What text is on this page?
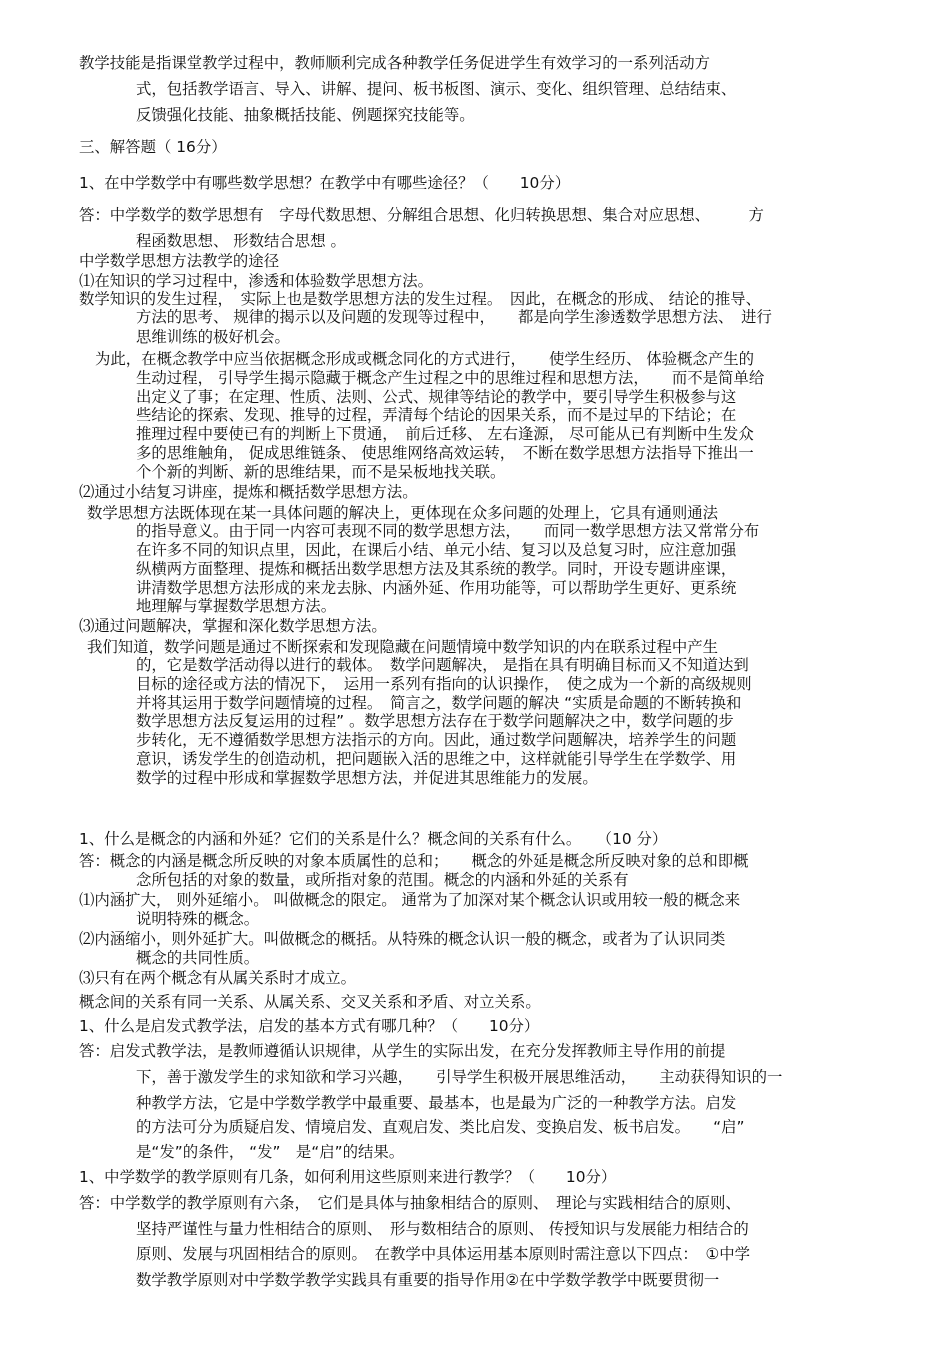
教学技能是指课堂教学过程中，教师顺利完成各种教学任务促进学生有效学习的一系列活动方
式，包括教学语言、导入、讲解、提问、板书板图、演示、变化、组织管理、总结结束、
反馈强化技能、抽象概括技能、例题探究技能等。
三、解答题（ 16分）
1、在中学数学中有哪些数学思想？在教学中有哪些途径？（　　10分）
答：中学数学的数学思想有　字母代数思想、分解组合思想、化归转换思想、集合对应思想、　　　方
程函数思想、 形数结合思想 。
中学数学思想方法教学的途径
⑴在知识的学习过程中，渗透和体验数学思想方法。
数学知识的发生过程，　实际上也是数学思想方法的发生过程。　因此，在概念的形成、 结论的推导、
方法的思考、 规律的揭示以及问题的发现等过程中，　　都是向学生渗透数学思想方法、　进行
思维训练的极好机会。
为此，在概念教学中应当依据概念形成或概念同化的方式进行，　　使学生经历、 体验概念产生的
生动过程， 引导学生揭示隐藏于概念产生过程之中的思维过程和思想方法，　　而不是简单给
出定义了事；在定理、性质、法则、公式、规律等结论的教学中，要引导学生积极参与这
些结论的探索、发现、推导的过程，弄清每个结论的因果关系，而不是过早的下结论；在
推理过程中要使已有的判断上下贯通，　前后迁移、 左右逢源， 尽可能从已有判断中生发众
多的思维触角， 促成思维链条、 使思维网络高效运转，　不断在数学思想方法指导下推出一
个个新的判断、新的思维结果，而不是呆板地找关联。
⑵通过小结复习讲座，提炼和概括数学思想方法。
数学思想方法既体现在某一具体问题的解决上，更体现在众多问题的处理上，它具有通则通法
的指导意义。由于同一内容可表现不同的数学思想方法，　　而同一数学思想方法又常常分布
在许多不同的知识点里，因此，在课后小结、单元小结、复习以及总复习时，应注意加强
纵横两方面整理、提炼和概括出数学思想方法及其系统的教学。同时，开设专题讲座课，
讲清数学思想方法形成的来龙去脉、内涵外延、作用功能等，可以帮助学生更好、更系统
地理解与掌握数学思想方法。
⑶通过问题解决，掌握和深化数学思想方法。
我们知道，数学问题是通过不断探索和发现隐藏在问题情境中数学知识的内在联系过程中产生
的，它是数学活动得以进行的载体。　数学问题解决， 是指在具有明确目标而又不知道达到
目标的途径或方法的情况下，　运用一系列有指向的认识操作，　使之成为一个新的高级规则
并将其运用于数学问题情境的过程。　简言之，数学问题的解决 “实质是命题的不断转换和
数学思想方法反复运用的过程” 。数学思想方法存在于数学问题解决之中，数学问题的步
步转化，无不遵循数学思想方法指示的方向。因此，通过数学问题解决，培养学生的问题
意识，诱发学生的创造动机，把问题嵌入活的思维之中，这样就能引导学生在学数学、用
数学的过程中形成和掌握数学思想方法，并促进其思维能力的发展。
1、什么是概念的内涵和外延？它们的关系是什么？概念间的关系有什么。　　（10 分）
答：概念的内涵是概念所反映的对象本质属性的总和；　　概念的外延是概念所反映对象的总和即概
念所包括的对象的数量，或所指对象的范围。概念的内涵和外延的关系有
⑴内涵扩大， 则外延缩小。 叫做概念的限定。 通常为了加深对某个概念认识或用较一般的概念来
说明特殊的概念。
⑵内涵缩小，则外延扩大。叫做概念的概括。从特殊的概念认识一般的概念，或者为了认识同类
概念的共同性质。
⑶只有在两个概念有从属关系时才成立。
概念间的关系有同一关系、从属关系、交叉关系和矛盾、对立关系。
1、什么是启发式教学法，启发的基本方式有哪几种？（　　10分）
答：启发式教学法，是教师遵循认识规律，从学生的实际出发，在充分发挥教师主导作用的前提
下，善于激发学生的求知欲和学习兴趣，　　引导学生积极开展思维活动，　　主动获得知识的一
种教学方法，它是中学数学教学中最重要、最基本，也是最为广泛的一种教学方法。启发
的方法可分为质疑启发、情境启发、直观启发、类比启发、变换启发、板书启发。　　“启”
是“发”的条件， “发”　是“启”的结果。
1、中学数学的教学原则有几条，如何利用这些原则来进行教学？（　　10分）
答：中学数学的教学原则有六条，　它们是具体与抽象相结合的原则、　理论与实践相结合的原则、
坚持严谨性与量力性相结合的原则、　形与数相结合的原则、 传授知识与发展能力相结合的
原则、发展与巩固相结合的原则。　在教学中具体运用基本原则时需注意以下四点：　①中学
数学教学原则对中学数学教学实践具有重要的指导作用②在中学数学教学中既要贯彻一
